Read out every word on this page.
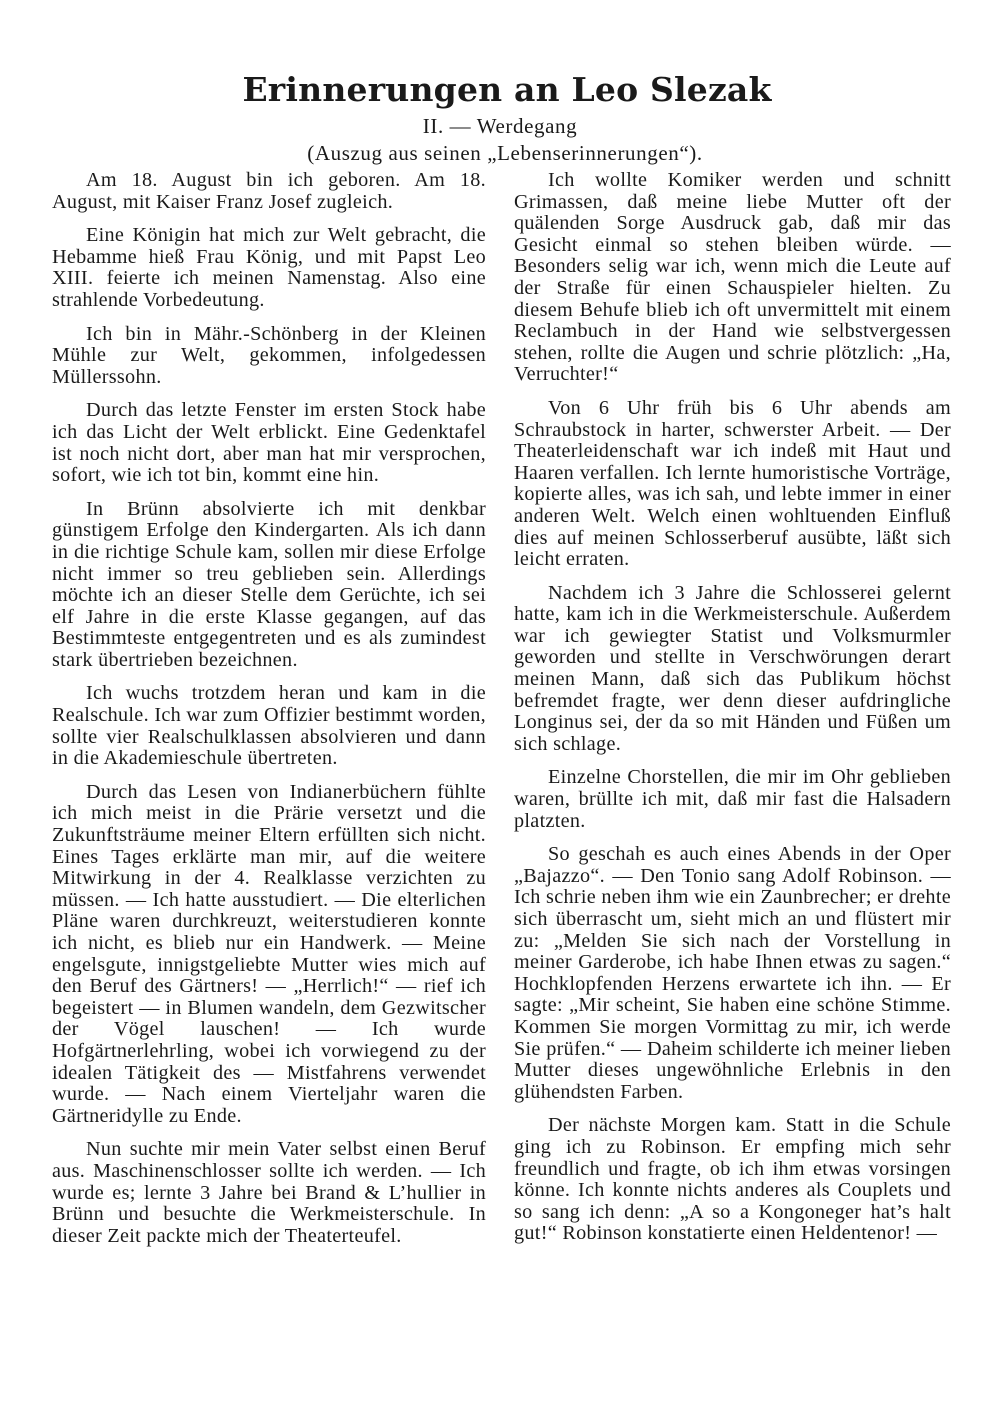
Erinnerungen an Leo Slezak
II. — Werdegang
(Auszug aus seinen „Lebenserinnerungen“).

Am 18. August bin ich geboren. Am 18. August, mit Kaiser Franz Josef zugleich.

Eine Königin hat mich zur Welt gebracht, die Hebamme hieß Frau König, und mit Papst Leo XIII. feierte ich meinen Namenstag. Also eine strahlende Vorbedeutung.

Ich bin in Mähr.-Schönberg in der Kleinen Mühle zur Welt, gekommen, infolgedessen Müllerssohn.

Durch das letzte Fenster im ersten Stock habe ich das Licht der Welt erblickt. Eine Gedenktafel ist noch nicht dort, aber man hat mir versprochen, sofort, wie ich tot bin, kommt eine hin.

In Brünn absolvierte ich mit denkbar günstigem Erfolge den Kindergarten. Als ich dann in die richtige Schule kam, sollen mir diese Erfolge nicht immer so treu geblieben sein. Allerdings möchte ich an dieser Stelle dem Gerüchte, ich sei elf Jahre in die erste Klasse gegangen, auf das Bestimmteste entgegentreten und es als zumindest stark übertrieben bezeichnen.

Ich wuchs trotzdem heran und kam in die Realschule. Ich war zum Offizier bestimmt worden, sollte vier Realschulklassen absolvieren und dann in die Akademieschule übertreten.

Durch das Lesen von Indianerbüchern fühlte ich mich meist in die Prärie versetzt und die Zukunftsträume meiner Eltern erfüllten sich nicht. Eines Tages erklärte man mir, auf die weitere Mitwirkung in der 4. Realklasse verzichten zu müssen. — Ich hatte ausstudiert. — Die elterlichen Pläne waren durchkreuzt, weiterstudieren konnte ich nicht, es blieb nur ein Handwerk. — Meine engelsgute, innigstgeliebte Mutter wies mich auf den Beruf des Gärtners! — „Herrlich!“ — rief ich begeistert — in Blumen wandeln, dem Gezwitscher der Vögel lauschen! — Ich wurde Hofgärtnerlehrling, wobei ich vorwiegend zu der idealen Tätigkeit des — Mistfahrens verwendet wurde. — Nach einem Vierteljahr waren die Gärtneridylle zu Ende.

Nun suchte mir mein Vater selbst einen Beruf aus. Maschinenschlosser sollte ich werden. — Ich wurde es; lernte 3 Jahre bei Brand & L’hullier in Brünn und besuchte die Werkmeisterschule. In dieser Zeit packte mich der Theaterteufel.

Ich wollte Komiker werden und schnitt Grimassen, daß meine liebe Mutter oft der quälenden Sorge Ausdruck gab, daß mir das Gesicht einmal so stehen bleiben würde. — Besonders selig war ich, wenn mich die Leute auf der Straße für einen Schauspieler hielten. Zu diesem Behufe blieb ich oft unvermittelt mit einem Reclambuch in der Hand wie selbstvergessen stehen, rollte die Augen und schrie plötzlich: „Ha, Verruchter!“

Von 6 Uhr früh bis 6 Uhr abends am Schraubstock in harter, schwerster Arbeit. — Der Theaterleidenschaft war ich indeß mit Haut und Haaren verfallen. Ich lernte humoristische Vorträge, kopierte alles, was ich sah, und lebte immer in einer anderen Welt. Welch einen wohltuenden Einfluß dies auf meinen Schlosserberuf ausübte, läßt sich leicht erraten.

Nachdem ich 3 Jahre die Schlosserei gelernt hatte, kam ich in die Werkmeisterschule. Außerdem war ich gewiegter Statist und Volksmurmler geworden und stellte in Verschwörungen derart meinen Mann, daß sich das Publikum höchst befremdet fragte, wer denn dieser aufdringliche Longinus sei, der da so mit Händen und Füßen um sich schlage.

Einzelne Chorstellen, die mir im Ohr geblieben waren, brüllte ich mit, daß mir fast die Halsadern platzten.

So geschah es auch eines Abends in der Oper „Bajazzo“. — Den Tonio sang Adolf Robinson. — Ich schrie neben ihm wie ein Zaunbrecher; er drehte sich überrascht um, sieht mich an und flüstert mir zu: „Melden Sie sich nach der Vorstellung in meiner Garderobe, ich habe Ihnen etwas zu sagen.“ Hochklopfenden Herzens erwartete ich ihn. — Er sagte: „Mir scheint, Sie haben eine schöne Stimme. Kommen Sie morgen Vormittag zu mir, ich werde Sie prüfen.“ — Daheim schilderte ich meiner lieben Mutter dieses ungewöhnliche Erlebnis in den glühendsten Farben.

Der nächste Morgen kam. Statt in die Schule ging ich zu Robinson. Er empfing mich sehr freundlich und fragte, ob ich ihm etwas vorsingen könne. Ich konnte nichts anderes als Couplets und so sang ich denn: „A so a Kongoneger hat’s halt gut!“ Robinson konstatierte einen Heldentenor! —
